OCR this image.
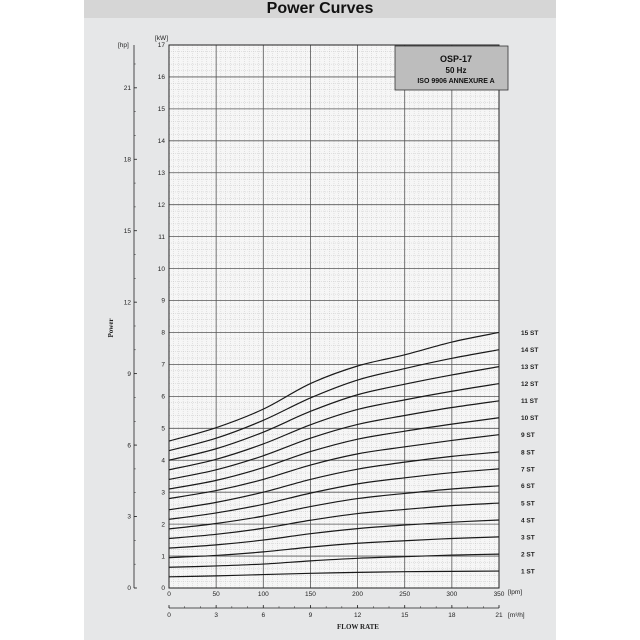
Power Curves
0
1
2
3
4
5
6
7
8
9
10
11
12
13
14
15
16
17
0
3
6
9
12
15
18
21
0	50	100	150	200	250	300	350
0	3	6	9	12	15	18	21
1 ST
2 ST
3 ST
4 ST
5 ST
6 ST
7 ST
8 ST
9 ST
10 ST
11 ST
12 ST
13 ST
14 ST
15 ST
OSP-17
50 Hz
ISO 9906 ANNEXURE A
[hp]
[kW]
[lpm]
[m³/h]
Power
FLOW RATE
